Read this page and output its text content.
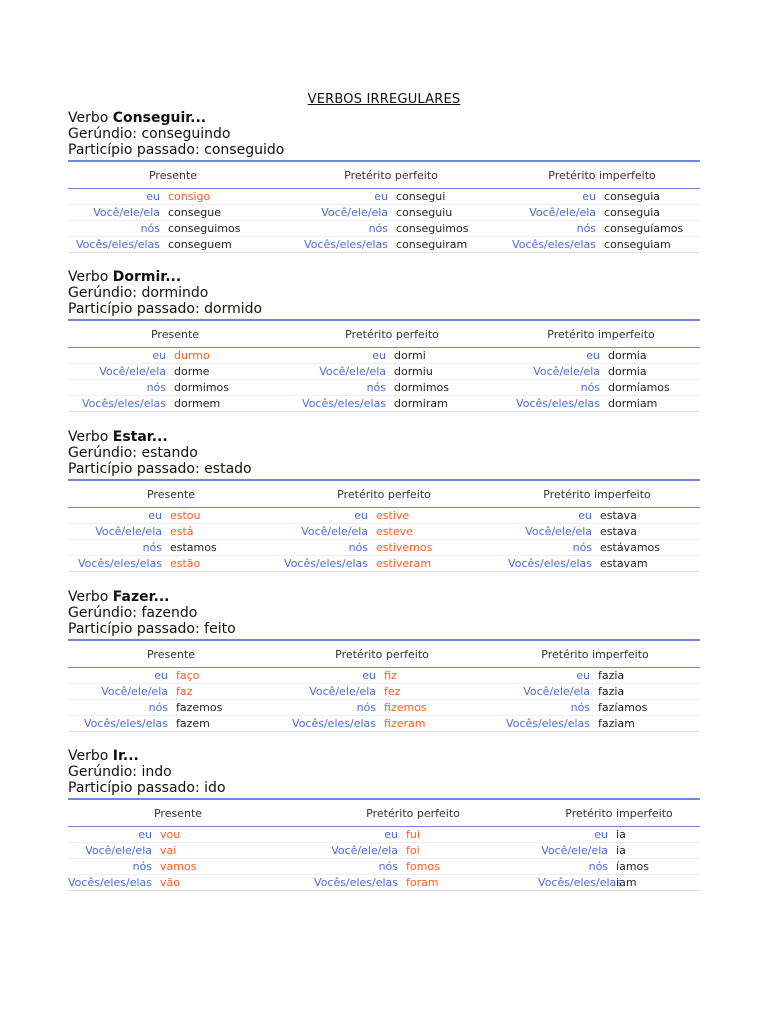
VERBOS IRREGULARES
Verbo Conseguir...
Gerúndio: conseguindo
Particípio passado: conseguido
Presente		Pretérito perfeito		Pretérito imperfeito	
eu	consigo	eu	consegui	eu	conseguia
Você/ele/ela	consegue	Você/ele/ela	conseguiu	Você/ele/ela	conseguia
nós	conseguimos	nós	conseguimos	nós	conseguíamos
Vocês/eles/elas	conseguem	Vocês/eles/elas	conseguiram	Vocês/eles/elas	conseguiam
Verbo Dormir...
Gerúndio: dormindo
Particípio passado: dormido
Presente		Pretérito perfeito		Pretérito imperfeito	
eu	durmo	eu	dormi	eu	dormia
Você/ele/ela	dorme	Você/ele/ela	dormiu	Você/ele/ela	dormia
nós	dormimos	nós	dormimos	nós	dormíamos
Vocês/eles/elas	dormem	Vocês/eles/elas	dormiram	Vocês/eles/elas	dormiam
Verbo Estar...
Gerúndio: estando
Particípio passado: estado
Presente		Pretérito perfeito		Pretérito imperfeito	
eu	estou	eu	estive	eu	estava
Você/ele/ela	está	Você/ele/ela	esteve	Você/ele/ela	estava
nós	estamos	nós	estivemos	nós	estávamos
Vocês/eles/elas	estão	Vocês/eles/elas	estiveram	Vocês/eles/elas	estavam
Verbo Fazer...
Gerúndio: fazendo
Particípio passado: feito
Presente		Pretérito perfeito		Pretérito imperfeito	
eu	faço	eu	fiz	eu	fazia
Você/ele/ela	faz	Você/ele/ela	fez	Você/ele/ela	fazia
nós	fazemos	nós	fizemos	nós	fazíamos
Vocês/eles/elas	fazem	Vocês/eles/elas	fizeram	Vocês/eles/elas	faziam
Verbo Ir...
Gerúndio: indo
Particípio passado: ido
Presente		Pretérito perfeito		Pretérito imperfeito	
eu	vou	eu	fui	eu	ia
Você/ele/ela	vai	Você/ele/ela	foi	Você/ele/ela	ia
nós	vamos	nós	fomos	nós	íamos
Vocês/eles/elas	vão	Vocês/eles/elas	foram	Vocês/eles/elas	iam
